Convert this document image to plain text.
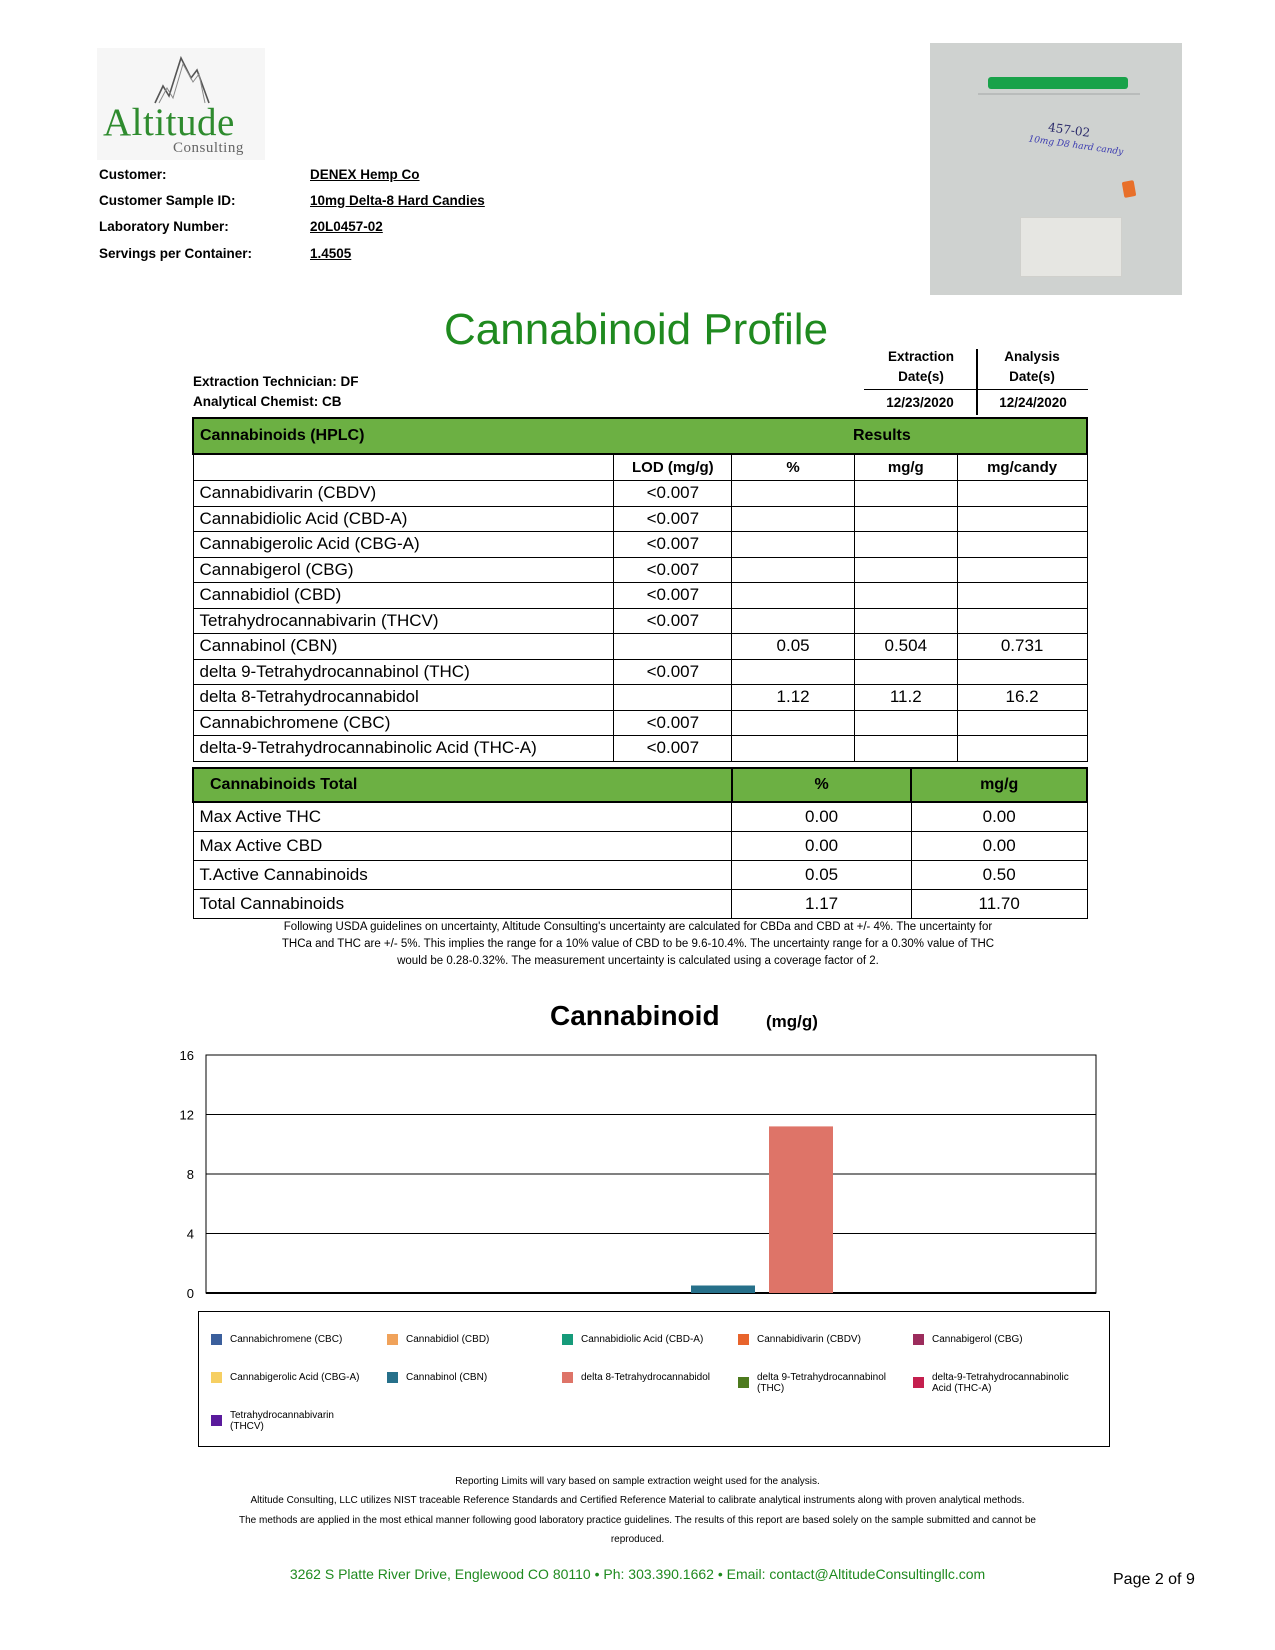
Altitude
Consulting
Customer:	DENEX Hemp Co
Customer Sample ID:	10mg Delta-8 Hard Candies
Laboratory Number:	20L0457-02
Servings per Container:	1.4505
457-02
10mg D8 hard candy
Cannabinoid Profile
Extraction Technician: DF
Analytical Chemist: CB
Extraction
Date(s)
Analysis
Date(s)
12/23/2020	12/24/2020
Cannabinoids (HPLC)		Results		
	LOD (mg/g)	%	mg/g	mg/candy
Cannabidivarin (CBDV)	<0.007			
Cannabidiolic Acid (CBD-A)	<0.007			
Cannabigerolic Acid (CBG-A)	<0.007			
Cannabigerol (CBG)	<0.007			
Cannabidiol (CBD)	<0.007			
Tetrahydrocannabivarin (THCV)	<0.007			
Cannabinol (CBN)		0.05	0.504	0.731
delta 9-Tetrahydrocannabinol (THC)	<0.007			
delta 8-Tetrahydrocannabidol		1.12	11.2	16.2
Cannabichromene (CBC)	<0.007			
delta-9-Tetrahydrocannabinolic Acid (THC-A)	<0.007			
Cannabinoids Total	%	mg/g
Max Active THC	0.00	0.00
Max Active CBD	0.00	0.00
T.Active Cannabinoids	0.05	0.50
Total Cannabinoids	1.17	11.70
Following USDA guidelines on uncertainty, Altitude Consulting's uncertainty are calculated for CBDa and CBD at +/- 4%. The uncertainty for
THCa and THC are +/- 5%. This implies the range for a 10% value of CBD to be 9.6-10.4%. The uncertainty range for a 0.30% value of THC
would be 0.28-0.32%. The measurement uncertainty is calculated using a coverage factor of 2.
Cannabinoid	(mg/g)
0
4
8
12
16
Cannabichromene (CBC)	Cannabidiol (CBD)	Cannabidiolic Acid (CBD-A)	Cannabidivarin (CBDV)	Cannabigerol (CBG)
Cannabigerolic Acid (CBG-A)	Cannabinol (CBN)	delta 8-Tetrahydrocannabidol	delta 9-Tetrahydrocannabinol
(THC)
delta-9-Tetrahydrocannabinolic
Acid (THC-A)
Tetrahydrocannabivarin
(THCV)
Reporting Limits will vary based on sample extraction weight used for the analysis.
Altitude Consulting, LLC utilizes NIST traceable Reference Standards and Certified Reference Material to calibrate analytical instruments along with proven analytical methods.
The methods are applied in the most ethical manner following good laboratory practice guidelines. The results of this report are based solely on the sample submitted and cannot be
reproduced.
3262 S Platte River Drive, Englewood CO 80110 • Ph: 303.390.1662 • Email: contact@AltitudeConsultingllc.com	Page 2 of 9
